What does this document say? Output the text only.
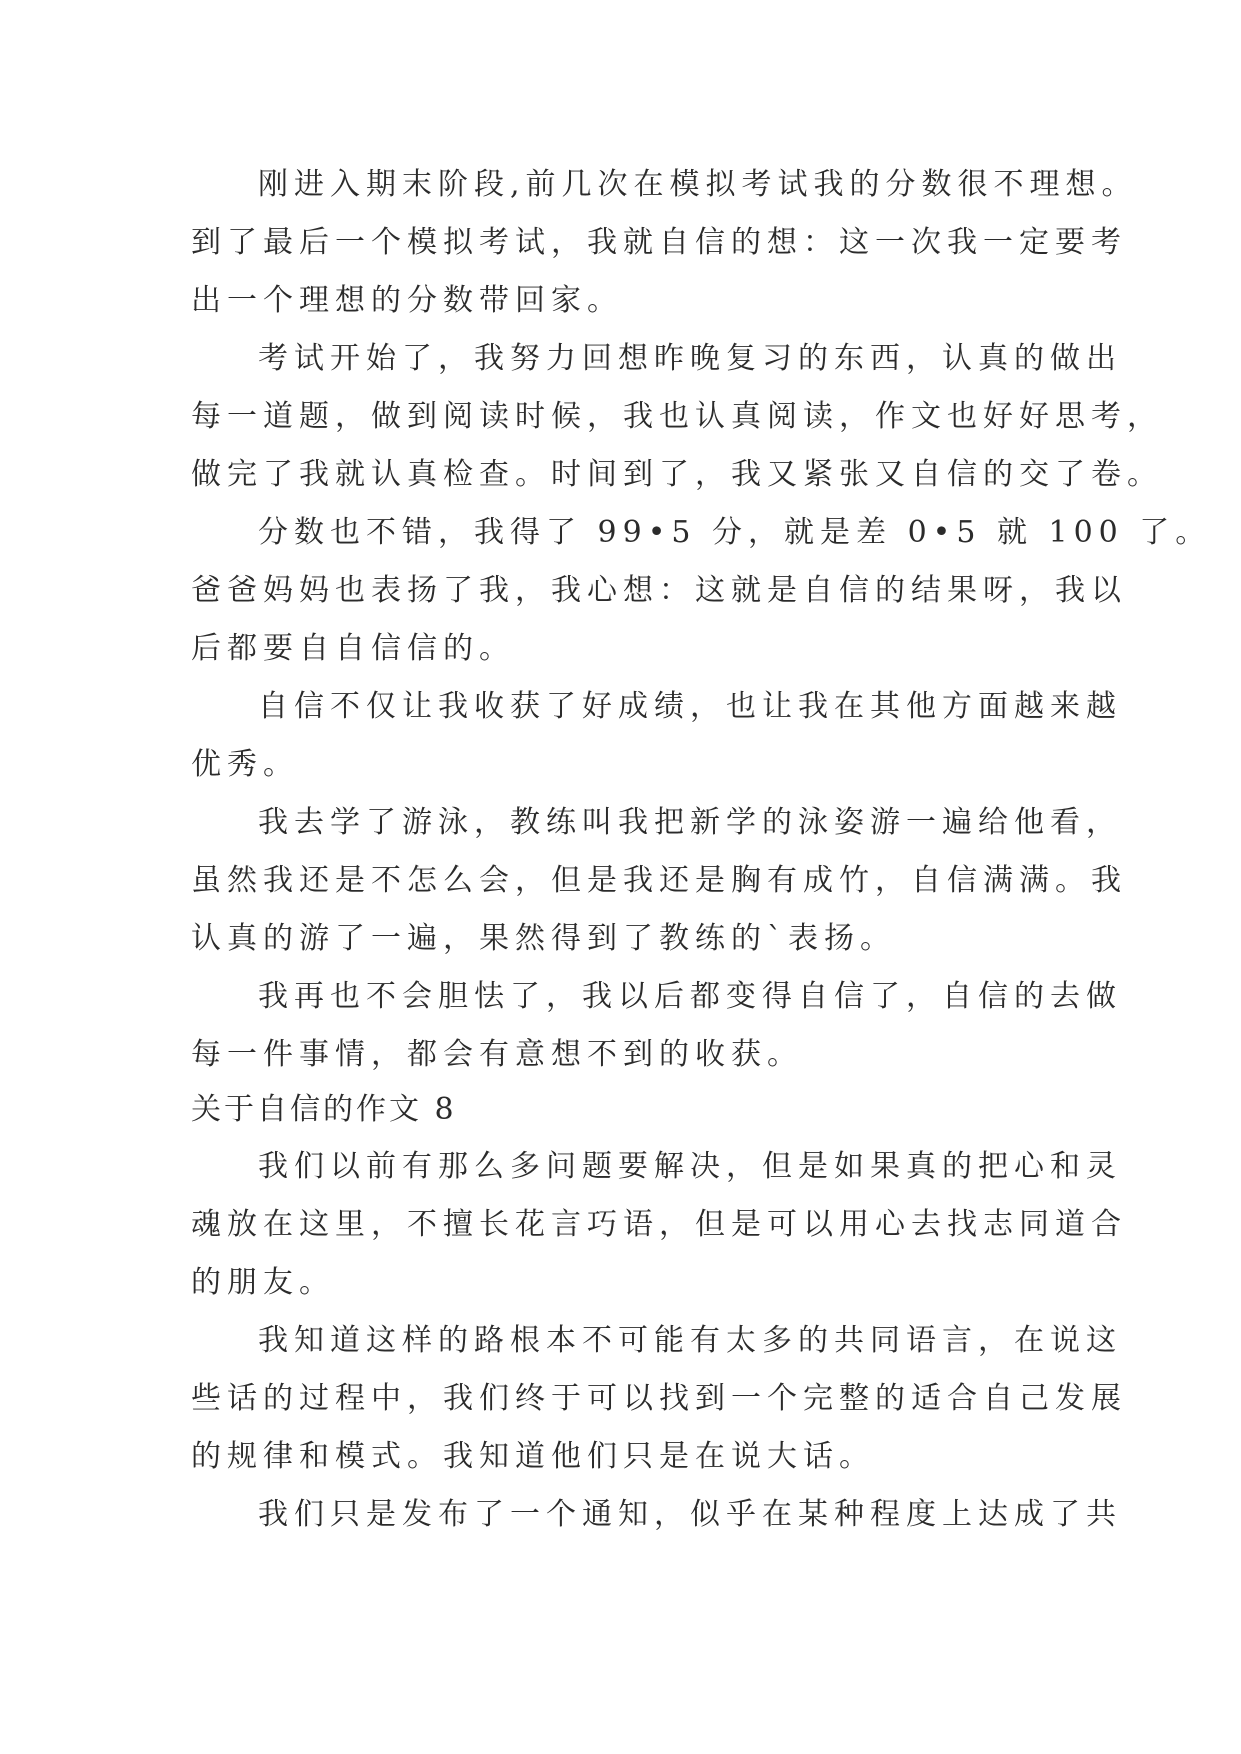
刚进入期末阶段,前几次在模拟考试我的分数很不理想。
到了最后一个模拟考试，我就自信的想：这一次我一定要考
出一个理想的分数带回家。
考试开始了，我努力回想昨晚复习的东西，认真的做出
每一道题，做到阅读时候，我也认真阅读，作文也好好思考，
做完了我就认真检查。时间到了，我又紧张又自信的交了卷。
分数也不错，我得了 99•5 分，就是差 0•5 就 100 了。
爸爸妈妈也表扬了我，我心想：这就是自信的结果呀，我以
后都要自自信信的。
自信不仅让我收获了好成绩，也让我在其他方面越来越
优秀。
我去学了游泳，教练叫我把新学的泳姿游一遍给他看，
虽然我还是不怎么会，但是我还是胸有成竹，自信满满。我
认真的游了一遍，果然得到了教练的`表扬。
我再也不会胆怯了，我以后都变得自信了，自信的去做
每一件事情，都会有意想不到的收获。
关于自信的作文 8
我们以前有那么多问题要解决，但是如果真的把心和灵
魂放在这里，不擅长花言巧语，但是可以用心去找志同道合
的朋友。
我知道这样的路根本不可能有太多的共同语言，在说这
些话的过程中，我们终于可以找到一个完整的适合自己发展
的规律和模式。我知道他们只是在说大话。
我们只是发布了一个通知，似乎在某种程度上达成了共
